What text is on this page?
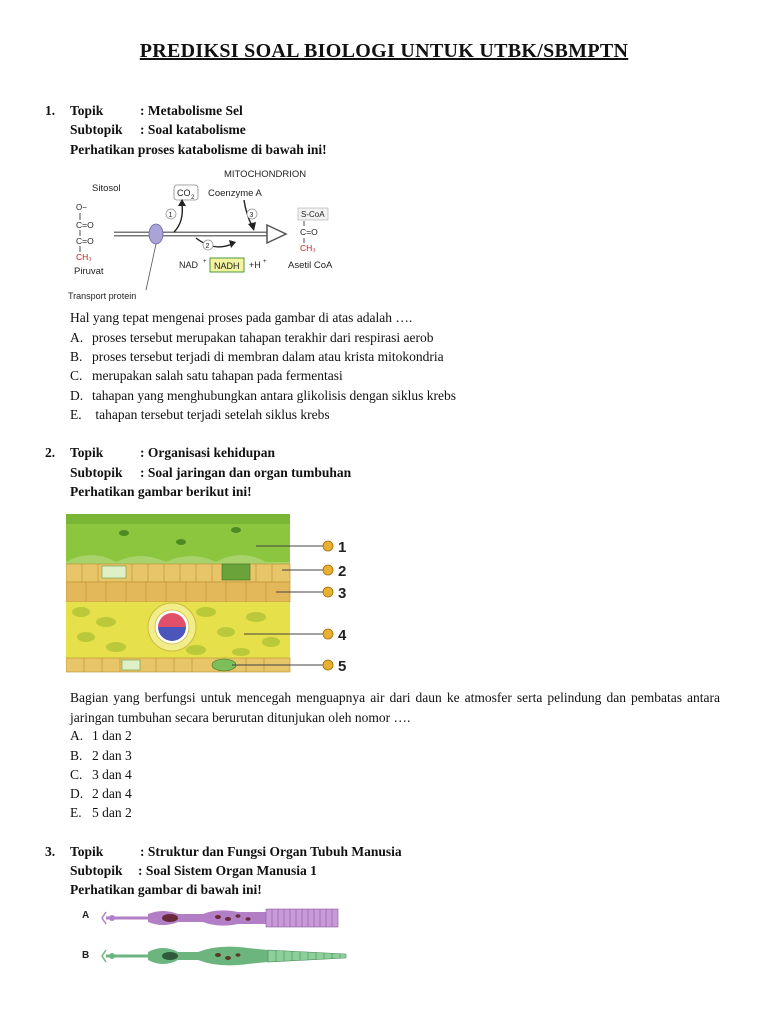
PREDIKSI SOAL BIOLOGI UNTUK UTBK/SBMPTN
1. Topik	: Metabolisme Sel
Subtopik : Soal katabolisme
Perhatikan proses katabolisme di bawah ini!
Sitosol
MITOCHONDRION
CO 2 Coenzyme A
O−
C=O
C=O
CH₃
Piruvat
Transport protein
1	3
2
NAD + NADH +H +
S-CoA
C=O
CH₃
Asetil CoA
Hal yang tepat mengenai proses pada gambar di atas adalah ….
A. proses tersebut merupakan tahapan terakhir dari respirasi aerob
B. proses tersebut terjadi di membran dalam atau krista mitokondria
C. merupakan salah satu tahapan pada fermentasi
D. tahapan yang menghubungkan antara glikolisis dengan siklus krebs
E. tahapan tersebut terjadi setelah siklus krebs
2. Topik	: Organisasi kehidupan
Subtopik : Soal jaringan dan organ tumbuhan
Perhatikan gambar berikut ini!
1
2
3
4
5
Bagian yang berfungsi untuk mencegah menguapnya air dari daun ke atmosfer serta pelindung dan pembatas antara jaringan tumbuhan secara berurutan ditunjukan oleh nomor ….
A. 1 dan 2
B. 2 dan 3
C. 3 dan 4
D. 2 dan 4
E. 5 dan 2
3. Topik	: Struktur dan Fungsi Organ Tubuh Manusia
Subtopik : Soal Sistem Organ Manusia 1
Perhatikan gambar di bawah ini!
A
B
